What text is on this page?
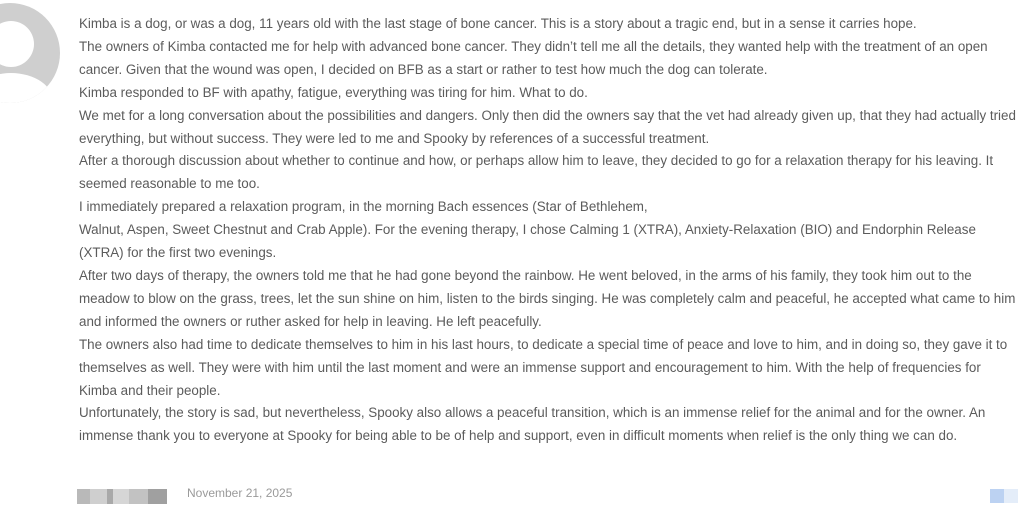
Kimba is a dog, or was a dog, 11 years old with the last stage of bone cancer. This is a story about a tragic end, but in a sense it carries hope.

The owners of Kimba contacted me for help with advanced bone cancer. They didn’t tell me all the details, they wanted help with the treatment of an open cancer. Given that the wound was open, I decided on BFB as a start or rather to test how much the dog can tolerate.

Kimba responded to BF with apathy, fatigue, everything was tiring for him. What to do.

We met for a long conversation about the possibilities and dangers. Only then did the owners say that the vet had already given up, that they had actually tried everything, but without success. They were led to me and Spooky by references of a successful treatment.

After a thorough discussion about whether to continue and how, or perhaps allow him to leave, they decided to go for a relaxation therapy for his leaving. It seemed reasonable to me too.

I immediately prepared a relaxation program, in the morning Bach essences (Star of Bethlehem,

Walnut, Aspen, Sweet Chestnut and Crab Apple). For the evening therapy, I chose Calming 1 (XTRA), Anxiety-Relaxation (BIO) and Endorphin Release (XTRA) for the first two evenings.

After two days of therapy, the owners told me that he had gone beyond the rainbow. He went beloved, in the arms of his family, they took him out to the meadow to blow on the grass, trees, let the sun shine on him, listen to the birds singing. He was completely calm and peaceful, he accepted what came to him and informed the owners or ruther asked for help in leaving. He left peacefully.

The owners also had time to dedicate themselves to him in his last hours, to dedicate a special time of peace and love to him, and in doing so, they gave it to themselves as well. They were with him until the last moment and were an immense support and encouragement to him. With the help of frequencies for Kimba and their people.

Unfortunately, the story is sad, but nevertheless, Spooky also allows a peaceful transition, which is an immense relief for the animal and for the owner. An immense thank you to everyone at Spooky for being able to be of help and support, even in difficult moments when relief is the only thing we can do.

November 21, 2025
